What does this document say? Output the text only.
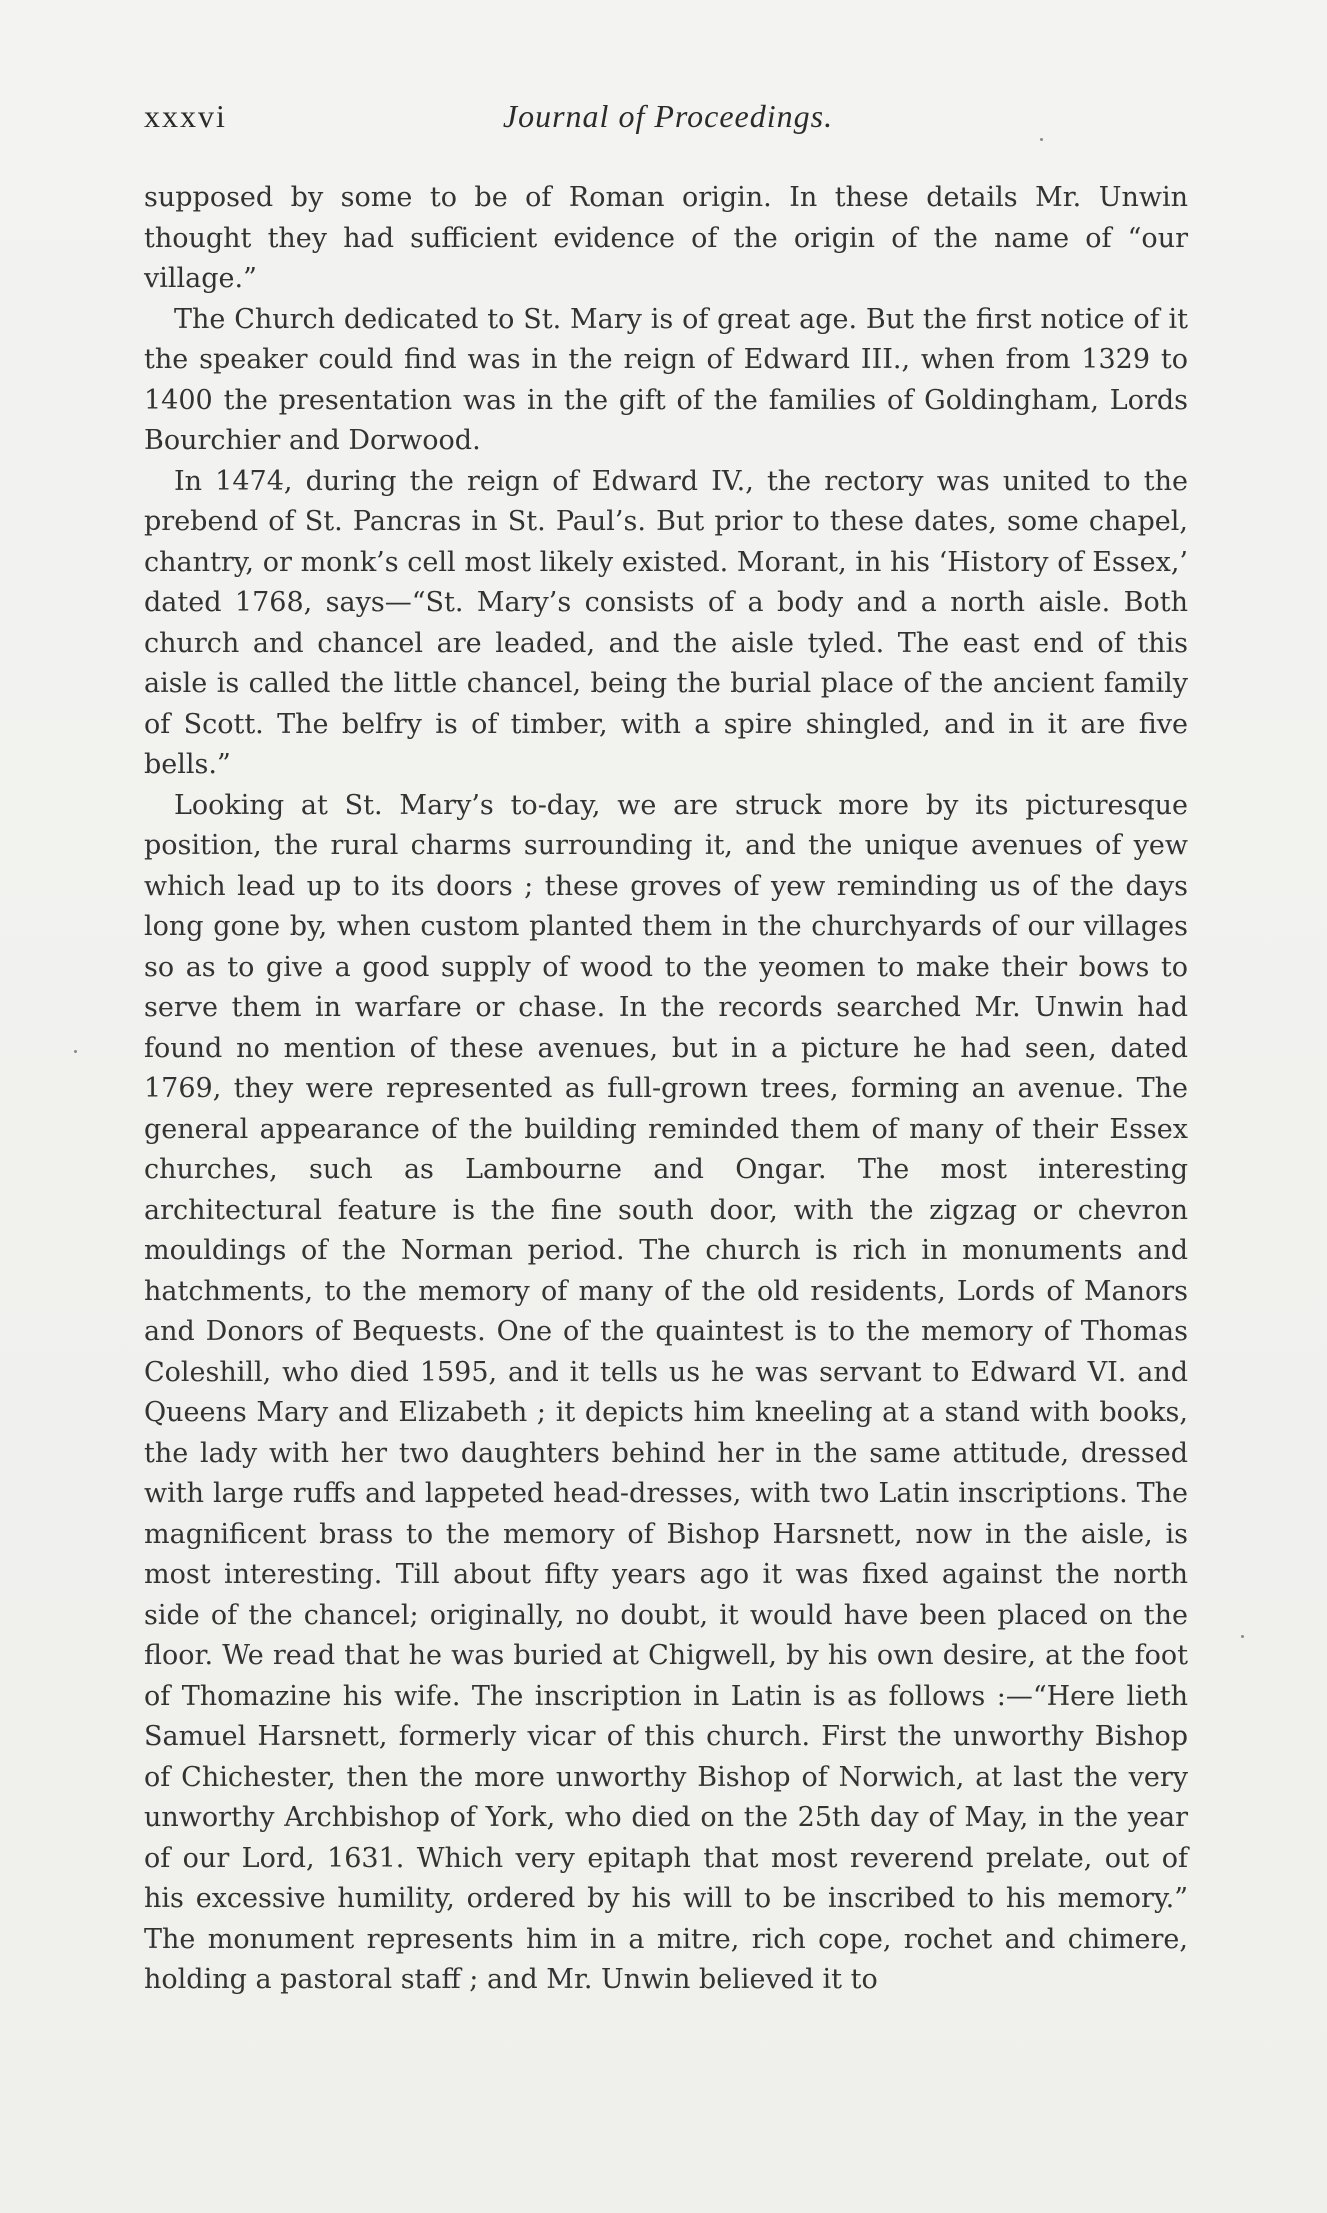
xxxvi	Journal of Proceedings.

supposed by some to be of Roman origin. In these details Mr. Unwin thought they had sufficient evidence of the origin of the name of “our village.”

The Church dedicated to St. Mary is of great age. But the first notice of it the speaker could find was in the reign of Edward III., when from 1329 to 1400 the presentation was in the gift of the families of Goldingham, Lords Bourchier and Dorwood.

In 1474, during the reign of Edward IV., the rectory was united to the prebend of St. Pancras in St. Paul’s. But prior to these dates, some chapel, chantry, or monk’s cell most likely existed. Morant, in his ‘History of Essex,’ dated 1768, says—“St. Mary’s consists of a body and a north aisle. Both church and chancel are leaded, and the aisle tyled. The east end of this aisle is called the little chancel, being the burial place of the ancient family of Scott. The belfry is of timber, with a spire shingled, and in it are five bells.”

Looking at St. Mary’s to-day, we are struck more by its picturesque position, the rural charms surrounding it, and the unique avenues of yew which lead up to its doors ; these groves of yew reminding us of the days long gone by, when custom planted them in the churchyards of our villages so as to give a good supply of wood to the yeomen to make their bows to serve them in warfare or chase. In the records searched Mr. Unwin had found no mention of these avenues, but in a picture he had seen, dated 1769, they were represented as full-grown trees, forming an avenue. The general appearance of the building reminded them of many of their Essex churches, such as Lambourne and Ongar. The most interesting architectural feature is the fine south door, with the zigzag or chevron mouldings of the Norman period. The church is rich in monuments and hatchments, to the memory of many of the old residents, Lords of Manors and Donors of Bequests. One of the quaintest is to the memory of Thomas Coleshill, who died 1595, and it tells us he was servant to Edward VI. and Queens Mary and Elizabeth ; it depicts him kneeling at a stand with books, the lady with her two daughters behind her in the same attitude, dressed with large ruffs and lappeted head-dresses, with two Latin inscriptions. The magnificent brass to the memory of Bishop Harsnett, now in the aisle, is most interesting. Till about fifty years ago it was fixed against the north side of the chancel; originally, no doubt, it would have been placed on the floor. We read that he was buried at Chigwell, by his own desire, at the foot of Thomazine his wife. The inscription in Latin is as follows :—“Here lieth Samuel Harsnett, formerly vicar of this church. First the unworthy Bishop of Chichester, then the more unworthy Bishop of Norwich, at last the very unworthy Archbishop of York, who died on the 25th day of May, in the year of our Lord, 1631. Which very epitaph that most reverend prelate, out of his excessive humility, ordered by his will to be inscribed to his memory.” The monument represents him in a mitre, rich cope, rochet and chimere, holding a pastoral staff ; and Mr. Unwin believed it to
